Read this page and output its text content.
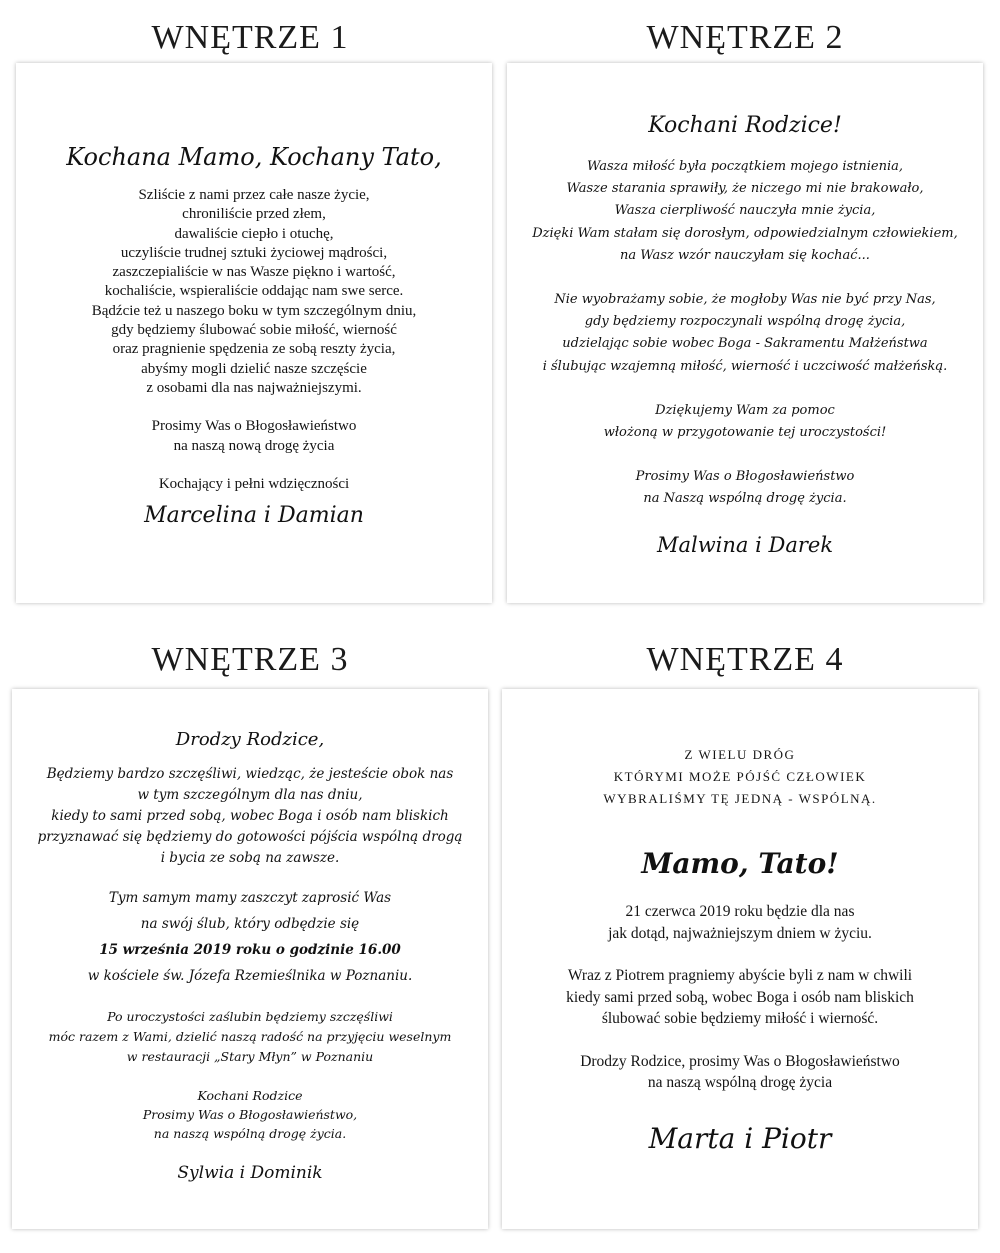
WNĘTRZE 1	WNĘTRZE 2
WNĘTRZE 3	WNĘTRZE 4
Kochana Mamo, Kochany Tato,
Szliście z nami przez całe nasze życie,
chroniliście przed złem,
dawaliście ciepło i otuchę,
uczyliście trudnej sztuki życiowej mądrości,
zaszczepialiście w nas Wasze piękno i wartość,
kochaliście, wspieraliście oddając nam swe serce.
Bądźcie też u naszego boku w tym szczególnym dniu,
gdy będziemy ślubować sobie miłość, wierność
oraz pragnienie spędzenia ze sobą reszty życia,
abyśmy mogli dzielić nasze szczęście
z osobami dla nas najważniejszymi.
Prosimy Was o Błogosławieństwo
na naszą nową drogę życia
Kochający i pełni wdzięczności
Marcelina i Damian
Kochani Rodzice!
Wasza miłość była początkiem mojego istnienia,
Wasze starania sprawiły, że niczego mi nie brakowało,
Wasza cierpliwość nauczyła mnie życia,
Dzięki Wam stałam się dorosłym, odpowiedzialnym człowiekiem,
na Wasz wzór nauczyłam się kochać...
Nie wyobrażamy sobie, że mogłoby Was nie być przy Nas,
gdy będziemy rozpoczynali wspólną drogę życia,
udzielając sobie wobec Boga - Sakramentu Małżeństwa
i ślubując wzajemną miłość, wierność i uczciwość małżeńską.
Dziękujemy Wam za pomoc
włożoną w przygotowanie tej uroczystości!
Prosimy Was o Błogosławieństwo
na Naszą wspólną drogę życia.
Malwina i Darek
Drodzy Rodzice,
Będziemy bardzo szczęśliwi, wiedząc, że jesteście obok nas
w tym szczególnym dla nas dniu,
kiedy to sami przed sobą, wobec Boga i osób nam bliskich
przyznawać się będziemy do gotowości pójścia wspólną drogą
i bycia ze sobą na zawsze.
Tym samym mamy zaszczyt zaprosić Was
na swój ślub, który odbędzie się
15 września 2019 roku o godzinie 16.00
w kościele św. Józefa Rzemieślnika w Poznaniu.
Po uroczystości zaślubin będziemy szczęśliwi
móc razem z Wami, dzielić naszą radość na przyjęciu weselnym
w restauracji „Stary Młyn” w Poznaniu
Kochani Rodzice
Prosimy Was o Błogosławieństwo,
na naszą wspólną drogę życia.
Sylwia i Dominik
Z WIELU DRÓG
KTÓRYMI MOŻE PÓJŚĆ CZŁOWIEK
WYBRALIŚMY TĘ JEDNĄ - WSPÓLNĄ.
Mamo, Tato!
21 czerwca 2019 roku będzie dla nas
jak dotąd, najważniejszym dniem w życiu.
Wraz z Piotrem pragniemy abyście byli z nam w chwili
kiedy sami przed sobą, wobec Boga i osób nam bliskich
ślubować sobie będziemy miłość i wierność.
Drodzy Rodzice, prosimy Was o Błogosławieństwo
na naszą wspólną drogę życia
Marta i Piotr
